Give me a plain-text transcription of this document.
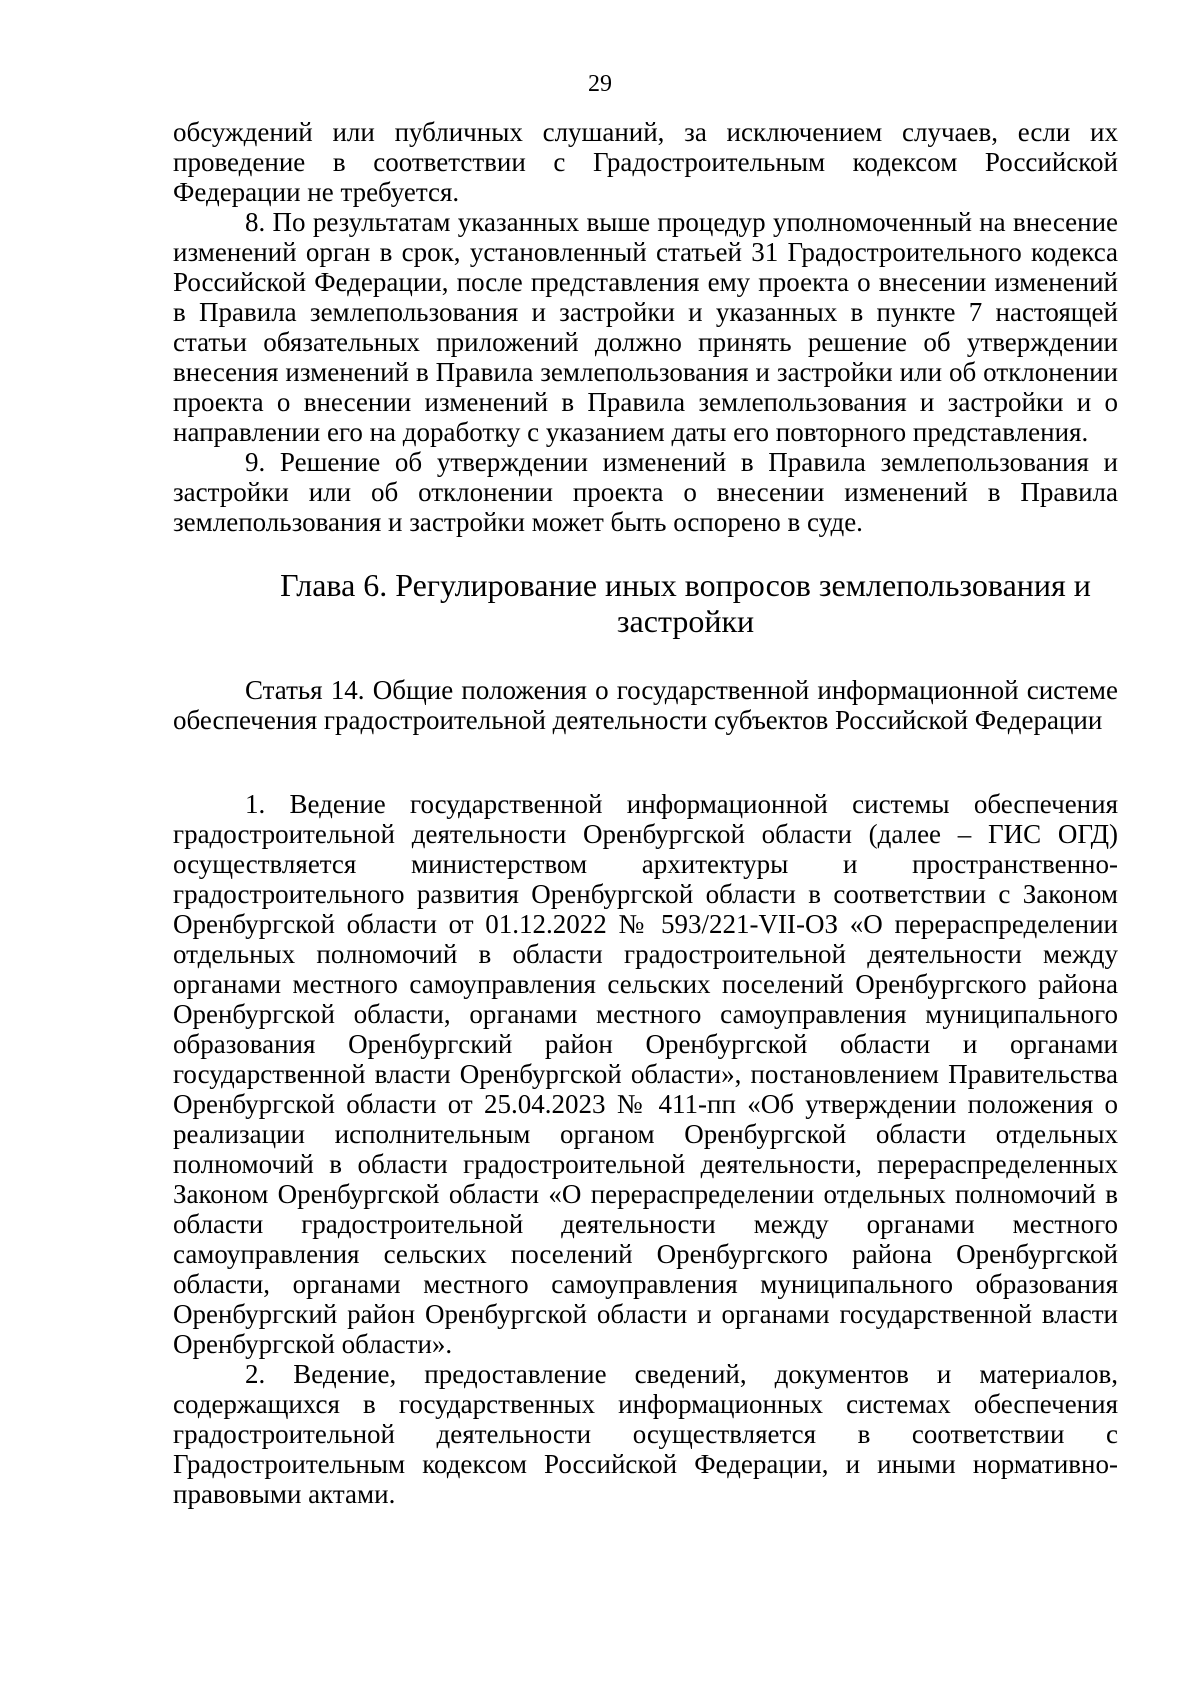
29

обсуждений или публичных слушаний, за исключением случаев, если их проведение в соответствии с Градостроительным кодексом Российской Федерации не требуется.

8. По результатам указанных выше процедур уполномоченный на внесение изменений орган в срок, установленный статьей 31 Градостроительного кодекса Российской Федерации, после представления ему проекта о внесении изменений в Правила землепользования и застройки и указанных в пункте 7 настоящей статьи обязательных приложений должно принять решение об утверждении внесения изменений в Правила землепользования и застройки или об отклонении проекта о внесении изменений в Правила землепользования и застройки и о направлении его на доработку с указанием даты его повторного представления.

9. Решение об утверждении изменений в Правила землепользования и застройки или об отклонении проекта о внесении изменений в Правила землепользования и застройки может быть оспорено в суде.

Глава 6. Регулирование иных вопросов землепользования и застройки

Статья 14. Общие положения о государственной информационной системе обеспечения градостроительной деятельности субъектов Российской Федерации

1. Ведение государственной информационной системы обеспечения градостроительной деятельности Оренбургской области (далее – ГИС ОГД) осуществляется министерством архитектуры и пространственно-градостроительного развития Оренбургской области в соответствии с Законом Оренбургской области от 01.12.2022 № 593/221-VII-ОЗ «О перераспределении отдельных полномочий в области градостроительной деятельности между органами местного самоуправления сельских поселений Оренбургского района Оренбургской области, органами местного самоуправления муниципального образования Оренбургский район Оренбургской области и органами государственной власти Оренбургской области», постановлением Правительства Оренбургской области от 25.04.2023 № 411-пп «Об утверждении положения о реализации исполнительным органом Оренбургской области отдельных полномочий в области градостроительной деятельности, перераспределенных Законом Оренбургской области «О перераспределении отдельных полномочий в области градостроительной деятельности между органами местного самоуправления сельских поселений Оренбургского района Оренбургской области, органами местного самоуправления муниципального образования Оренбургский район Оренбургской области и органами государственной власти Оренбургской области».

2. Ведение, предоставление сведений, документов и материалов, содержащихся в государственных информационных системах обеспечения градостроительной деятельности осуществляется в соответствии с Градостроительным кодексом Российской Федерации, и иными нормативно-правовыми актами.
